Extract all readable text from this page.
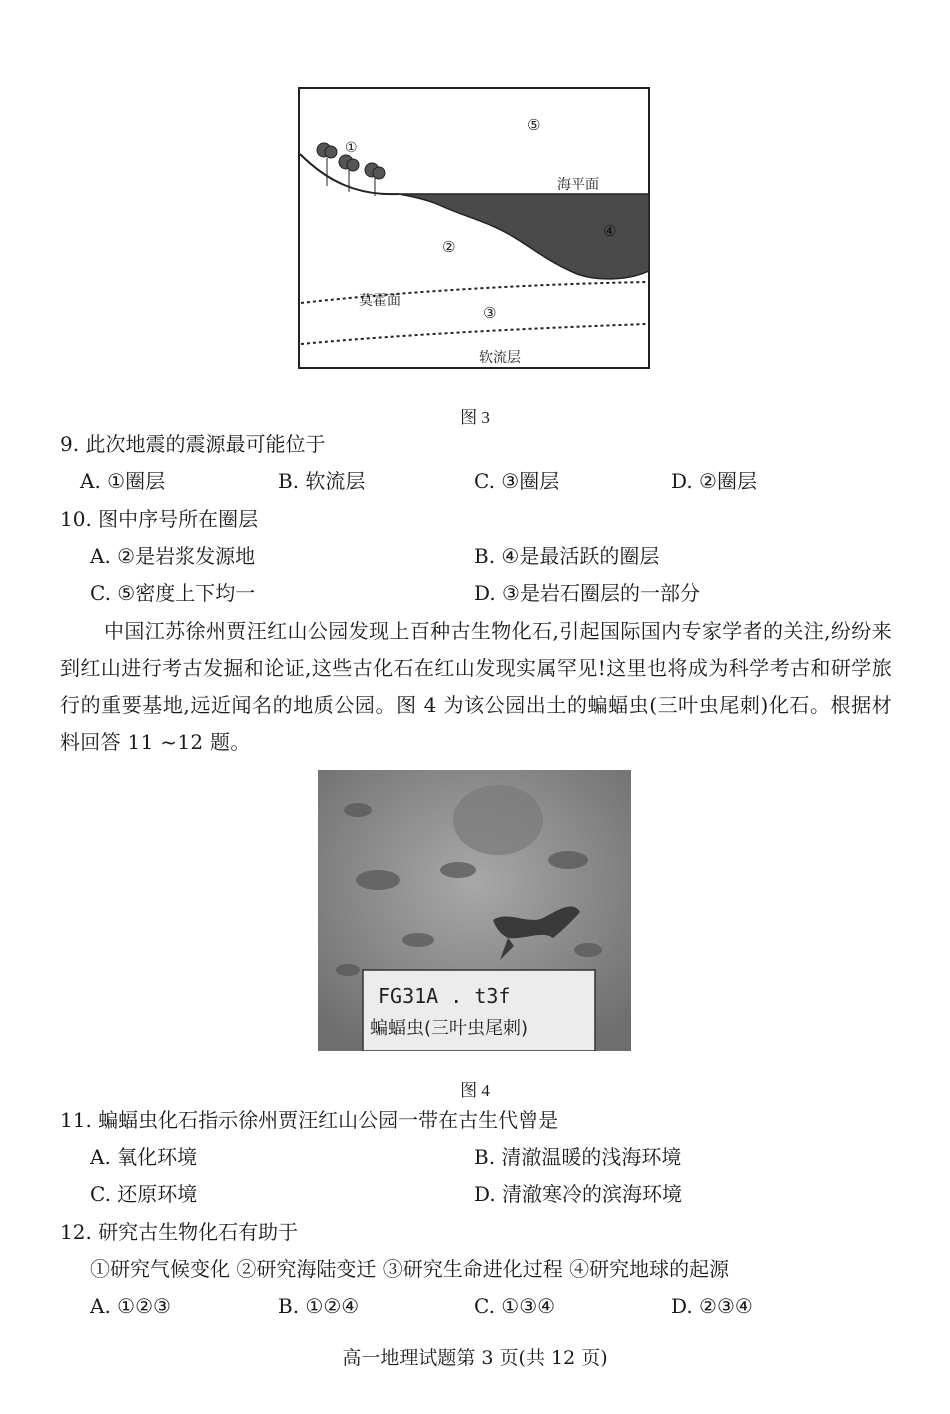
⑤
①
海平面
②
④
莫霍面
③
软流层
图 3
9. 此次地震的震源最可能位于
A. ①圈层	B. 软流层	C. ③圈层	D. ②圈层
10. 图中序号所在圈层
A. ②是岩浆发源地	B. ④是最活跃的圈层
C. ⑤密度上下均一	D. ③是岩石圈层的一部分
中国江苏徐州贾汪红山公园发现上百种古生物化石,引起国际国内专家学者的关注,纷纷来到红山进行考古发掘和论证,这些古化石在红山发现实属罕见!这里也将成为科学考古和研学旅行的重要基地,远近闻名的地质公园。图 4 为该公园出土的蝙蝠虫(三叶虫尾刺)化石。根据材料回答 11 ~12 题。
FG31A . t3f
蝙蝠虫(三叶虫尾刺)
图 4
11. 蝙蝠虫化石指示徐州贾汪红山公园一带在古生代曾是
A. 氧化环境	B. 清澈温暖的浅海环境
C. 还原环境	D. 清澈寒冷的滨海环境
12. 研究古生物化石有助于
①研究气候变化 ②研究海陆变迁 ③研究生命进化过程 ④研究地球的起源
A. ①②③	B. ①②④	C. ①③④	D. ②③④
高一地理试题第 3 页(共 12 页)
